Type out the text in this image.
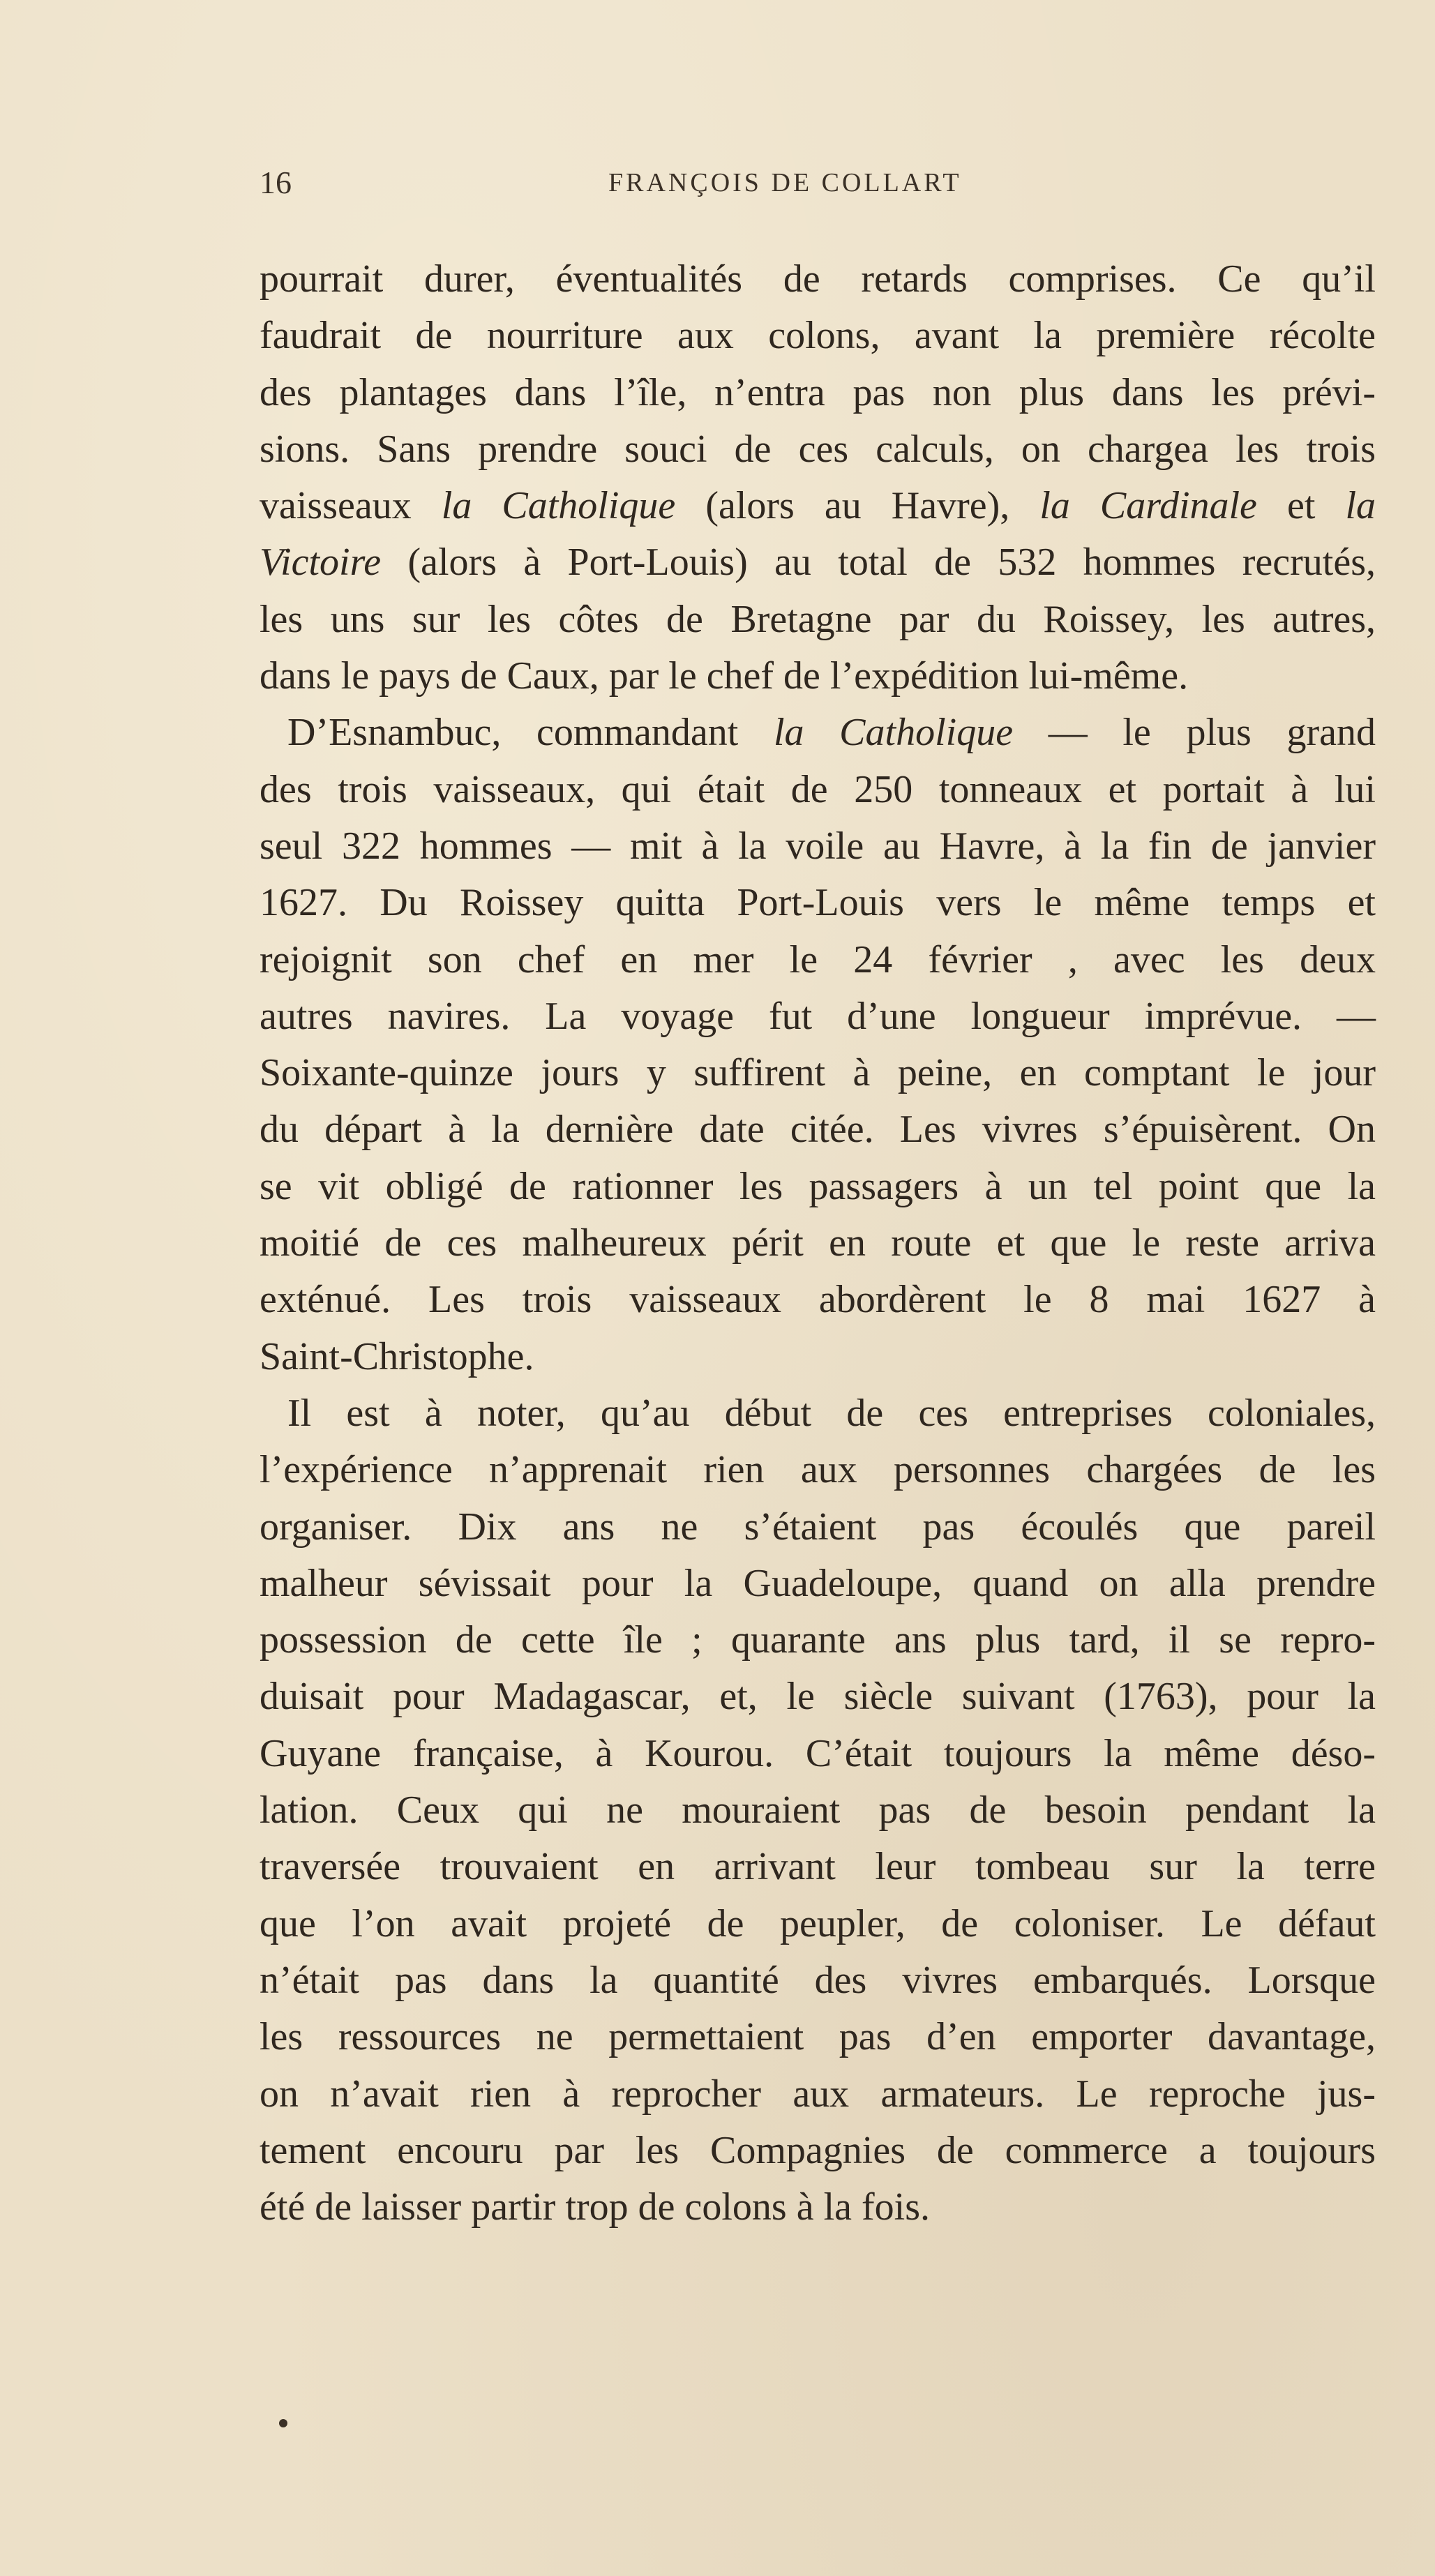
16	FRANÇOIS DE COLLART
pourrait durer, éventualités de retards comprises. Ce qu’il
faudrait de nourriture aux colons, avant la première récolte
des plantages dans l’île, n’entra pas non plus dans les prévi-
sions. Sans prendre souci de ces calculs, on chargea les trois
vaisseaux la Catholique (alors au Havre), la Cardinale et la
Victoire (alors à Port-Louis) au total de 532 hommes recrutés,
les uns sur les côtes de Bretagne par du Roissey, les autres,
dans le pays de Caux, par le chef de l’expédition lui-même.
D’Esnambuc, commandant la Catholique — le plus grand
des trois vaisseaux, qui était de 250 tonneaux et portait à lui
seul 322 hommes — mit à la voile au Havre, à la fin de janvier
1627. Du Roissey quitta Port-Louis vers le même temps et
rejoignit son chef en mer le 24 février , avec les deux
autres navires. La voyage fut d’une longueur imprévue. —
Soixante-quinze jours y suffirent à peine, en comptant le jour
du départ à la dernière date citée. Les vivres s’épuisèrent. On
se vit obligé de rationner les passagers à un tel point que la
moitié de ces malheureux périt en route et que le reste arriva
exténué. Les trois vaisseaux abordèrent le 8 mai 1627 à
Saint-Christophe.
Il est à noter, qu’au début de ces entreprises coloniales,
l’expérience n’apprenait rien aux personnes chargées de les
organiser. Dix ans ne s’étaient pas écoulés que pareil
malheur sévissait pour la Guadeloupe, quand on alla prendre
possession de cette île ; quarante ans plus tard, il se repro-
duisait pour Madagascar, et, le siècle suivant (1763), pour la
Guyane française, à Kourou. C’était toujours la même déso-
lation. Ceux qui ne mouraient pas de besoin pendant la
traversée trouvaient en arrivant leur tombeau sur la terre
que l’on avait projeté de peupler, de coloniser. Le défaut
n’était pas dans la quantité des vivres embarqués. Lorsque
les ressources ne permettaient pas d’en emporter davantage,
on n’avait rien à reprocher aux armateurs. Le reproche jus-
tement encouru par les Compagnies de commerce a toujours
été de laisser partir trop de colons à la fois.
